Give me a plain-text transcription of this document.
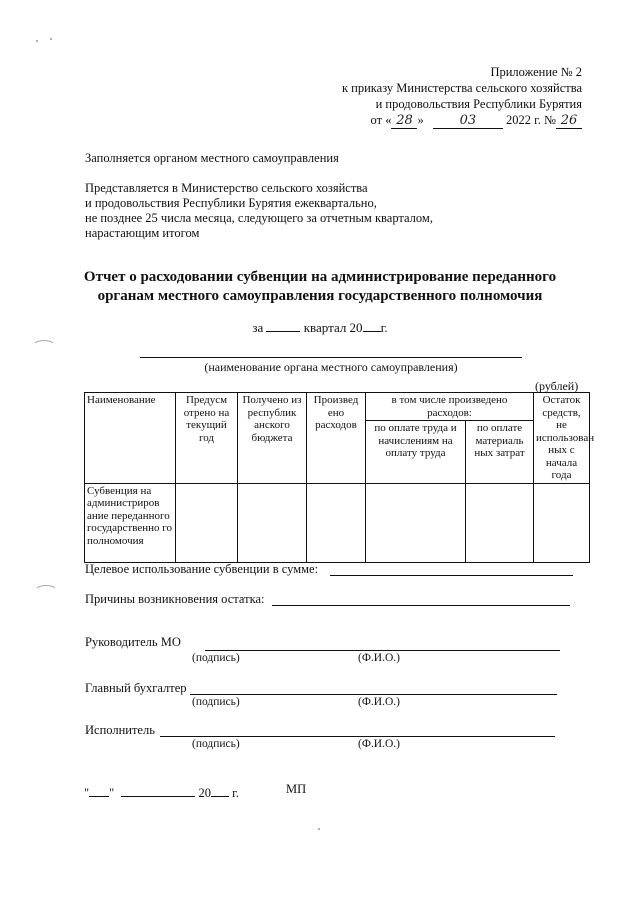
Приложение № 2
к приказу Министерства сельского хозяйства
и продовольствия Республики Бурятия
от « 28 »	03 2022 г. № 26
Заполняется органом местного самоуправления
Представляется в Министерство сельского хозяйства
и продовольствия Республики Бурятия ежеквартально,
не позднее 25 числа месяца, следующего за отчетным кварталом,
нарастающим итогом
Отчет о расходовании субвенции на администрирование переданного
органам местного самоуправления государственного полномочия
за	квартал 20 г.
(наименование органа местного самоуправления)
(рублей)
Наименование	Предусм отрено на текущий год	Получено из республик анского бюджета	Произвед ено расходов	в том числе произведено расходов:		Остаток средств, не использован ных с начала года
				по оплате труда и начислениям на оплату труда	по оплате материаль ных затрат	
Субвенция на администриров ание переданного государственно го полномочия						
Целевое использование субвенции в сумме:
Причины возникновения остатка:
Руководитель МО
(подпись)	(Ф.И.О.)
Главный бухгалтер
(подпись)	(Ф.И.О.)
Исполнитель
(подпись)	(Ф.И.О.)
" "	20 г.	МП
